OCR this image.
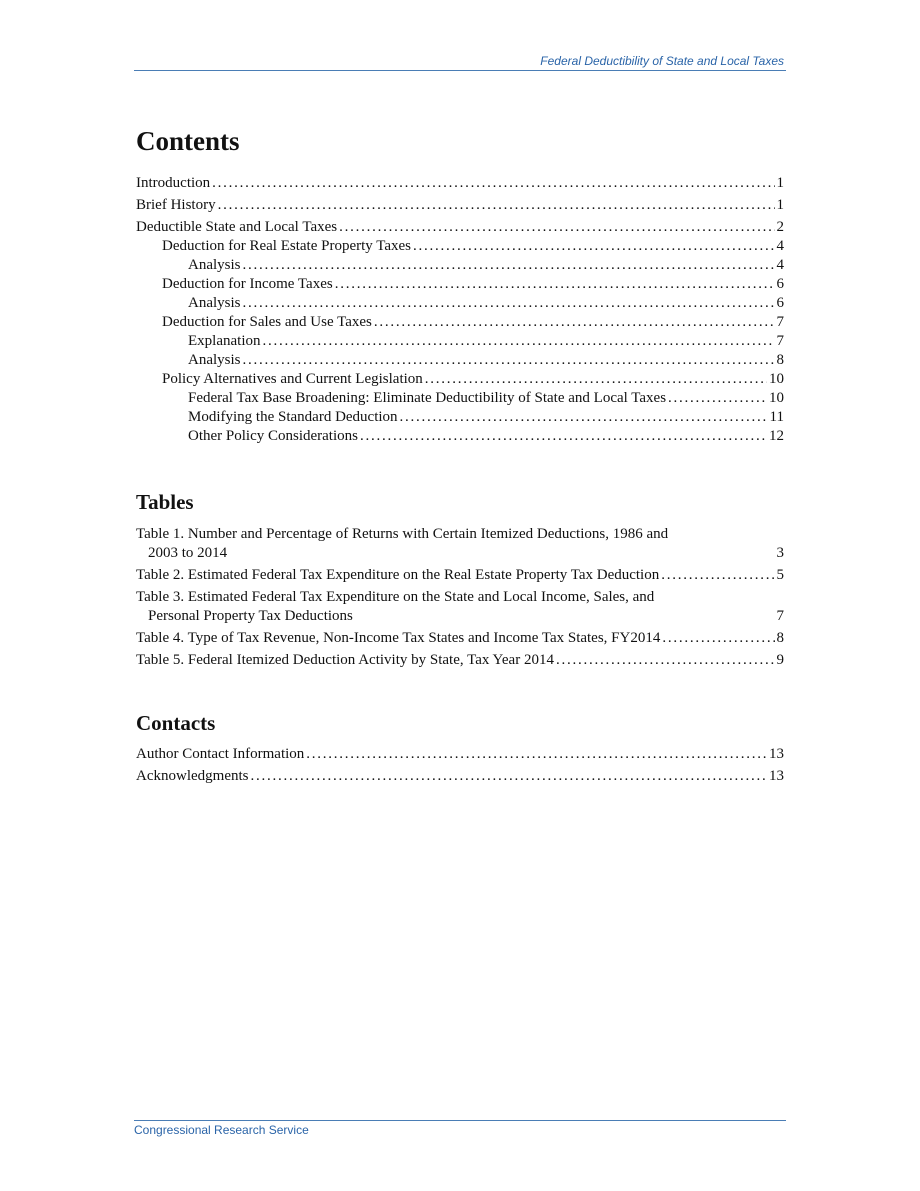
Federal Deductibility of State and Local Taxes
Contents
Introduction . . .	1
Brief History . . .	1
Deductible State and Local Taxes . . .	2
Deduction for Real Estate Property Taxes . . .	4
Analysis . . .	4
Deduction for Income Taxes . . .	6
Analysis . . .	6
Deduction for Sales and Use Taxes . . .	7
Explanation . . .	7
Analysis . . .	8
Policy Alternatives and Current Legislation . . .	10
Federal Tax Base Broadening: Eliminate Deductibility of State and Local Taxes . . .	10
Modifying the Standard Deduction . . .	11
Other Policy Considerations . . .	12
Tables
Table 1. Number and Percentage of Returns with Certain Itemized Deductions, 1986 and
2003 to 2014	3
Table 2. Estimated Federal Tax Expenditure on the Real Estate Property Tax Deduction . . .	5
Table 3. Estimated Federal Tax Expenditure on the State and Local Income, Sales, and
Personal Property Tax Deductions	7
Table 4. Type of Tax Revenue, Non-Income Tax States and Income Tax States, FY2014 . . .	8
Table 5. Federal Itemized Deduction Activity by State, Tax Year 2014 . . .	9
Contacts
Author Contact Information . . .	13
Acknowledgments . . .	13
Congressional Research Service
